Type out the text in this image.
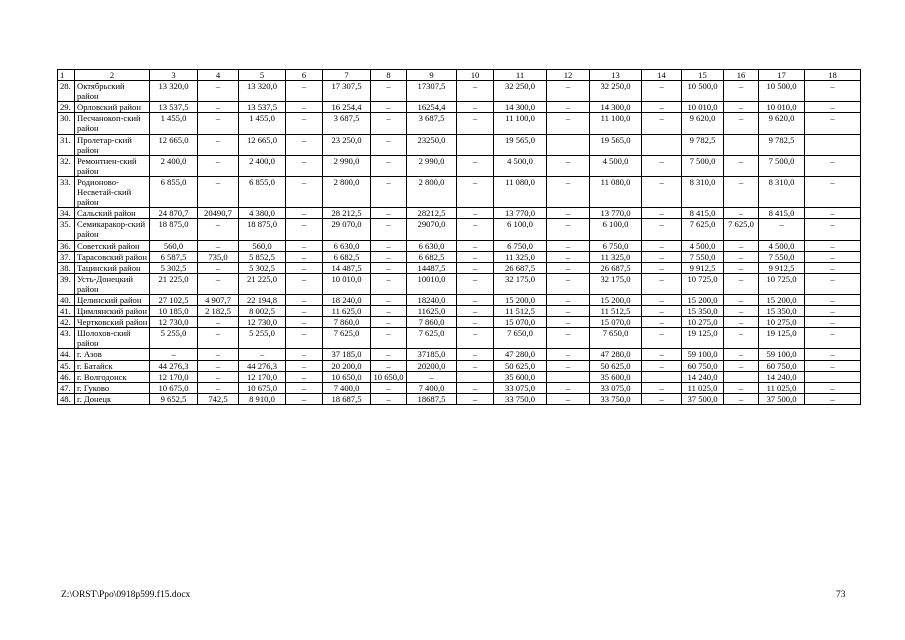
1	2	3	4	5	6	7	8	9	10	11	12	13	14	15	16	17	18
28.	Октябрьский район	13 320,0	–	13 320,0	–	17 307,5	–	17307,5	–	32 250,0	–	32 250,0	–	10 500,0	–	10 500,0	–
29.	Орловский район	13 537,5	–	13 537,5	–	16 254,4	–	16254,4	–	14 300,0	–	14 300,0	–	10 010,0	–	10 010,0	–
30.	Песчанокоп-ский район	1 455,0	–	1 455,0	–	3 687,5	–	3 687,5	–	11 100,0	–	11 100,0	–	9 620,0	–	9 620,0	–
31.	Пролетар-ский район	12 665,0	–	12 665,0	–	23 250,0	–	23250,0		19 565,0		19 565,0		9 782,5		9 782,5	
32.	Ремонтнен-ский район	2 400,0	–	2 400,0	–	2 990,0	–	2 990,0	–	4 500,0	–	4 500,0	–	7 500,0	–	7 500,0	–
33.	Родионово-Несветай-ский район	6 855,0	–	6 855,0	–	2 800,0	–	2 800,0	–	11 080,0	–	11 080,0	–	8 310,0	–	8 310,0	–
34.	Сальский район	24 870,7	20490,7	4 380,0	–	28 212,5	–	28212,5	–	13 770,0	–	13 770,0	–	8 415,0	–	8 415,0	–
35.	Семикаракор-ский район	18 875,0	–	18 875,0	–	29 070,0	–	29070,0	–	6 100,0	–	6 100,0	–	7 625,0	7 625,0	–	–
36.	Советский район	560,0	–	560,0	–	6 630,0	–	6 630,0	–	6 750,0	–	6 750,0	–	4 500,0	–	4 500,0	–
37.	Тарасовский район	6 587,5	735,0	5 852,5	–	6 682,5	–	6 682,5	–	11 325,0	–	11 325,0	–	7 550,0	–	7 550,0	–
38.	Тацинский район	5 302,5	–	5 302,5	–	14 487,5	–	14487,5	–	26 687,5	–	26 687,5	–	9 912,5	–	9 912,5	–
39.	Усть-Донецкий район	21 225,0	–	21 225,0	–	10 010,0	–	10010,0	–	32 175,0	–	32 175,0	–	10 725,0	–	10 725,0	–
40.	Целинский район	27 102,5	4 907,7	22 194,8	–	18 240,0	–	18240,0	–	15 200,0	–	15 200,0	–	15 200,0	–	15 200,0	–
41.	Цимлянский район	10 185,0	2 182,5	8 002,5	–	11 625,0	–	11625,0	–	11 512,5	–	11 512,5	–	15 350,0	–	15 350,0	–
42.	Чертковский район	12 730,0	–	12 730,0	–	7 860,0	–	7 860,0	–	15 070,0	–	15 070,0	–	10 275,0	–	10 275,0	–
43.	Шолохов-ский район	5 255,0	–	5 255,0	–	7 625,0	–	7 625,0	–	7 650,0	–	7 650,0	–	19 125,0	–	19 125,0	–
44.	г. Азов	–	–	–	–	37 185,0	–	37185,0	–	47 280,0	–	47 280,0	–	59 100,0	–	59 100,0	–
45.	г. Батайск	44 276,3	–	44 276,3	–	20 200,0	–	20200,0	–	50 625,0	–	50 625,0	–	60 750,0	–	60 750,0	–
46.	г. Волгодонск	12 170,0	–	12 170,0	–	10 650,0	10 650,0	–		35 600,0		35 600,0		14 240,0		14 240,0	
47.	г. Гуково	10 675,0	–	10 675,0	–	7 400,0	–	7 400,0	–	33 075,0	–	33 075,0	–	11 025,0	–	11 025,0	–
48.	г. Донецк	9 652,5	742,5	8 910,0	–	18 687,5	–	18687,5	–	33 750,0	–	33 750,0	–	37 500,0	–	37 500,0	–
Z:\ORST\Ppo\0918p599.f15.docx	73
